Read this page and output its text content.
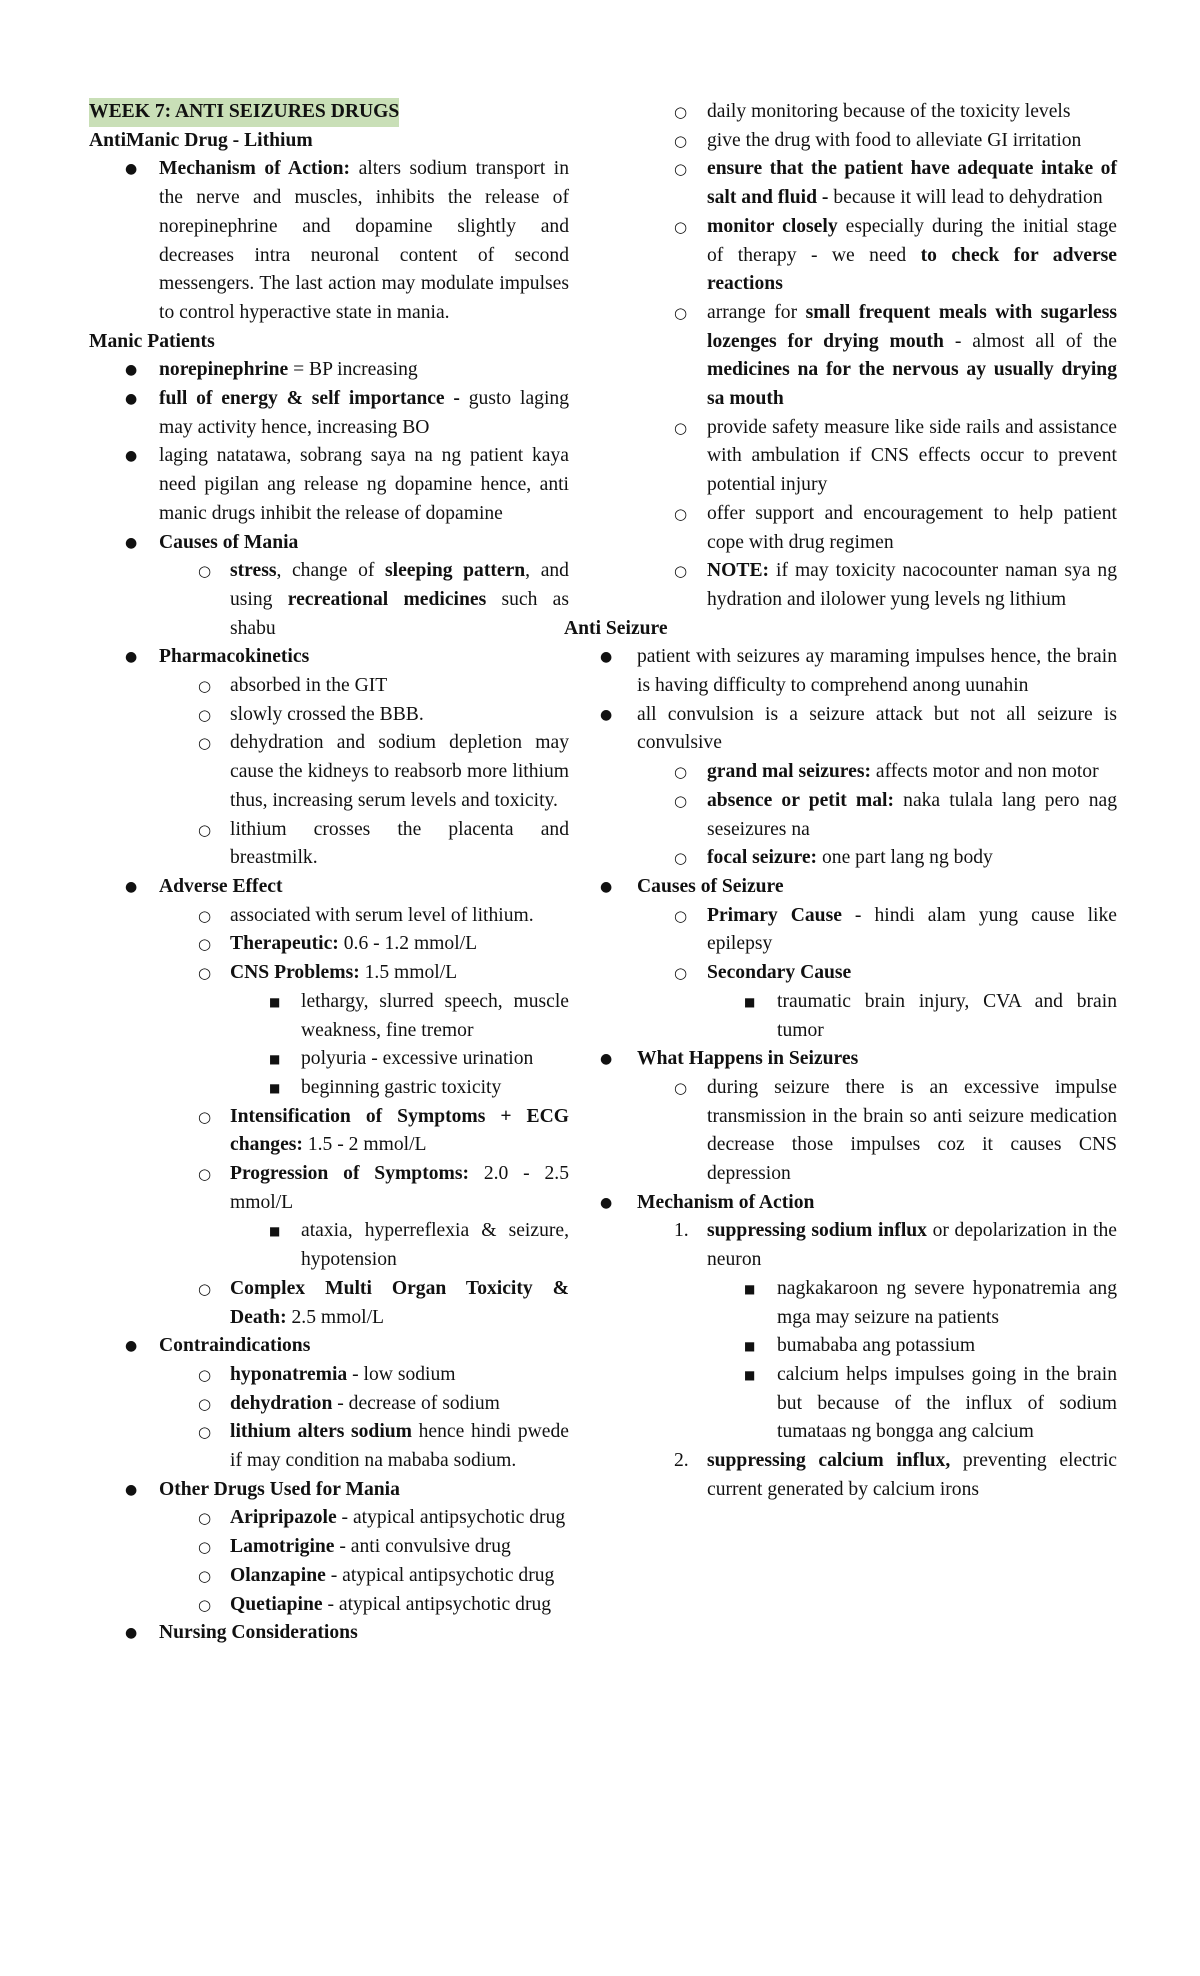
WEEK 7: ANTI SEIZURES DRUGS
AntiManic Drug - Lithium
● Mechanism of Action: alters sodium transport in the nerve and muscles, inhibits the release of norepinephrine and dopamine slightly and decreases intra neuronal content of second messengers. The last action may modulate impulses to control hyperactive state in mania.
Manic Patients
● norepinephrine = BP increasing
● full of energy & self importance - gusto laging may activity hence, increasing BO
● laging natatawa, sobrang saya na ng patient kaya need pigilan ang release ng dopamine hence, anti manic drugs inhibit the release of dopamine
● Causes of Mania
○ stress, change of sleeping pattern, and using recreational medicines such as shabu
● Pharmacokinetics
○ absorbed in the GIT
○ slowly crossed the BBB.
○ dehydration and sodium depletion may cause the kidneys to reabsorb more lithium thus, increasing serum levels and toxicity.
○ lithium crosses the placenta and breastmilk.
● Adverse Effect
○ associated with serum level of lithium.
○ Therapeutic: 0.6 - 1.2 mmol/L
○ CNS Problems: 1.5 mmol/L
■ lethargy, slurred speech, muscle weakness, fine tremor
■ polyuria - excessive urination
■ beginning gastric toxicity
○ Intensification of Symptoms + ECG changes: 1.5 - 2 mmol/L
○ Progression of Symptoms: 2.0 - 2.5 mmol/L
■ ataxia, hyperreflexia & seizure, hypotension
○ Complex Multi Organ Toxicity & Death: 2.5 mmol/L
● Contraindications
○ hyponatremia - low sodium
○ dehydration - decrease of sodium
○ lithium alters sodium hence hindi pwede if may condition na mababa sodium.
● Other Drugs Used for Mania
○ Aripripazole - atypical antipsychotic drug
○ Lamotrigine - anti convulsive drug
○ Olanzapine - atypical antipsychotic drug
○ Quetiapine - atypical antipsychotic drug
● Nursing Considerations
○ daily monitoring because of the toxicity levels
○ give the drug with food to alleviate GI irritation
○ ensure that the patient have adequate intake of salt and fluid - because it will lead to dehydration
○ monitor closely especially during the initial stage of therapy - we need to check for adverse reactions
○ arrange for small frequent meals with sugarless lozenges for drying mouth - almost all of the medicines na for the nervous ay usually drying sa mouth
○ provide safety measure like side rails and assistance with ambulation if CNS effects occur to prevent potential injury
○ offer support and encouragement to help patient cope with drug regimen
○ NOTE: if may toxicity nacocounter naman sya ng hydration and ilolower yung levels ng lithium
Anti Seizure
● patient with seizures ay maraming impulses hence, the brain is having difficulty to comprehend anong uunahin
● all convulsion is a seizure attack but not all seizure is convulsive
○ grand mal seizures: affects motor and non motor
○ absence or petit mal: naka tulala lang pero nag seseizures na
○ focal seizure: one part lang ng body
● Causes of Seizure
○ Primary Cause - hindi alam yung cause like epilepsy
○ Secondary Cause
■ traumatic brain injury, CVA and brain tumor
● What Happens in Seizures
○ during seizure there is an excessive impulse transmission in the brain so anti seizure medication decrease those impulses coz it causes CNS depression
● Mechanism of Action
1. suppressing sodium influx or depolarization in the neuron
■ nagkakaroon ng severe hyponatremia ang mga may seizure na patients
■ bumababa ang potassium
■ calcium helps impulses going in the brain but because of the influx of sodium tumataas ng bongga ang calcium
2. suppressing calcium influx, preventing electric current generated by calcium irons
